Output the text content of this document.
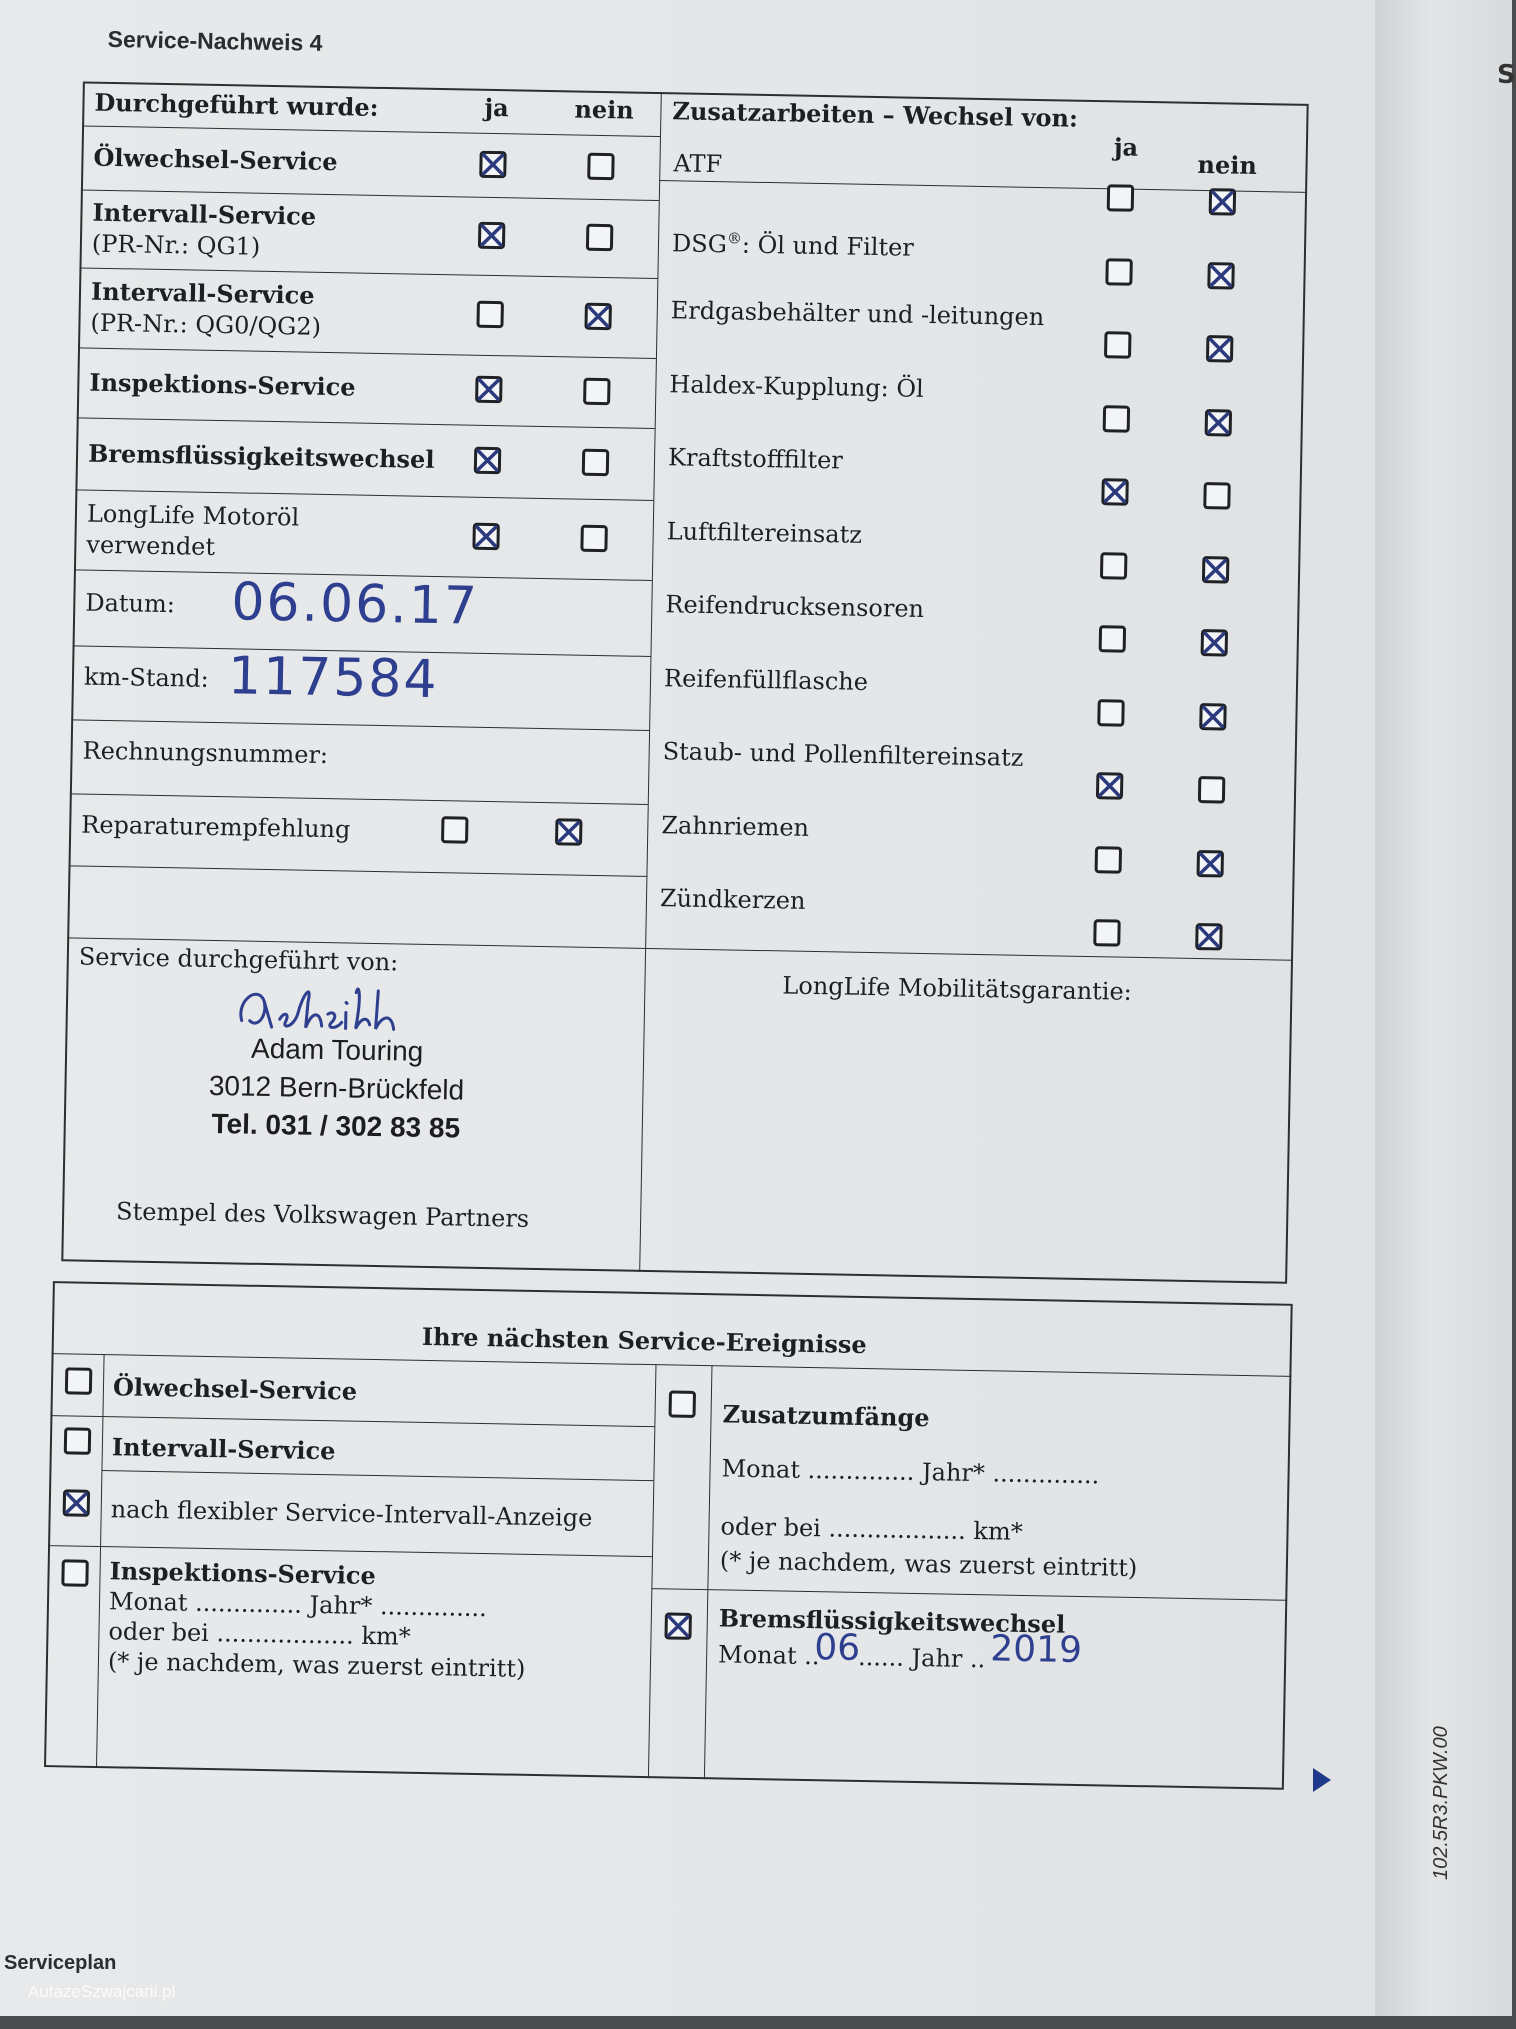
S
Service-Nachweis 4
Durchgeführt wurde:	ja	nein
Ölwechsel-Service
Intervall-Service
(PR-Nr.: QG1)
Intervall-Service
(PR-Nr.: QG0/QG2)
Inspektions-Service
Bremsflüssigkeitswechsel
LongLife Motoröl
verwendet
Datum: 06.06.17
km-Stand: 117584
Rechnungsnummer:
Reparaturempfehlung
Zusatzarbeiten – Wechsel von:
ja
nein
ATF
DSG®: Öl und Filter
Erdgasbehälter und -leitungen
Haldex-Kupplung: Öl
Kraftstofffilter
Luftfiltereinsatz
Reifendrucksensoren
Reifenfüllflasche
Staub- und Pollenfiltereinsatz
Zahnriemen
Zündkerzen
Service durchgeführt von:
Adam Touring
3012 Bern-Brückfeld
Tel. 031 / 302 83 85
Stempel des Volkswagen Partners
LongLife Mobilitätsgarantie:
Ihre nächsten Service-Ereignisse
Ölwechsel-Service
Intervall-Service
nach flexibler Service-Intervall-Anzeige
Inspektions-Service
Monat .............. Jahr* ..............
oder bei .................. km*
(* je nachdem, was zuerst eintritt)
Zusatzumfänge
Monat .............. Jahr* ..............
oder bei .................. km*
(* je nachdem, was zuerst eintritt)
Bremsflüssigkeitswechsel
Monat ..
06
...... Jahr .. 2019
Serviceplan
AutazeSzwajcarii.pl
102.5R3.PKW.00
